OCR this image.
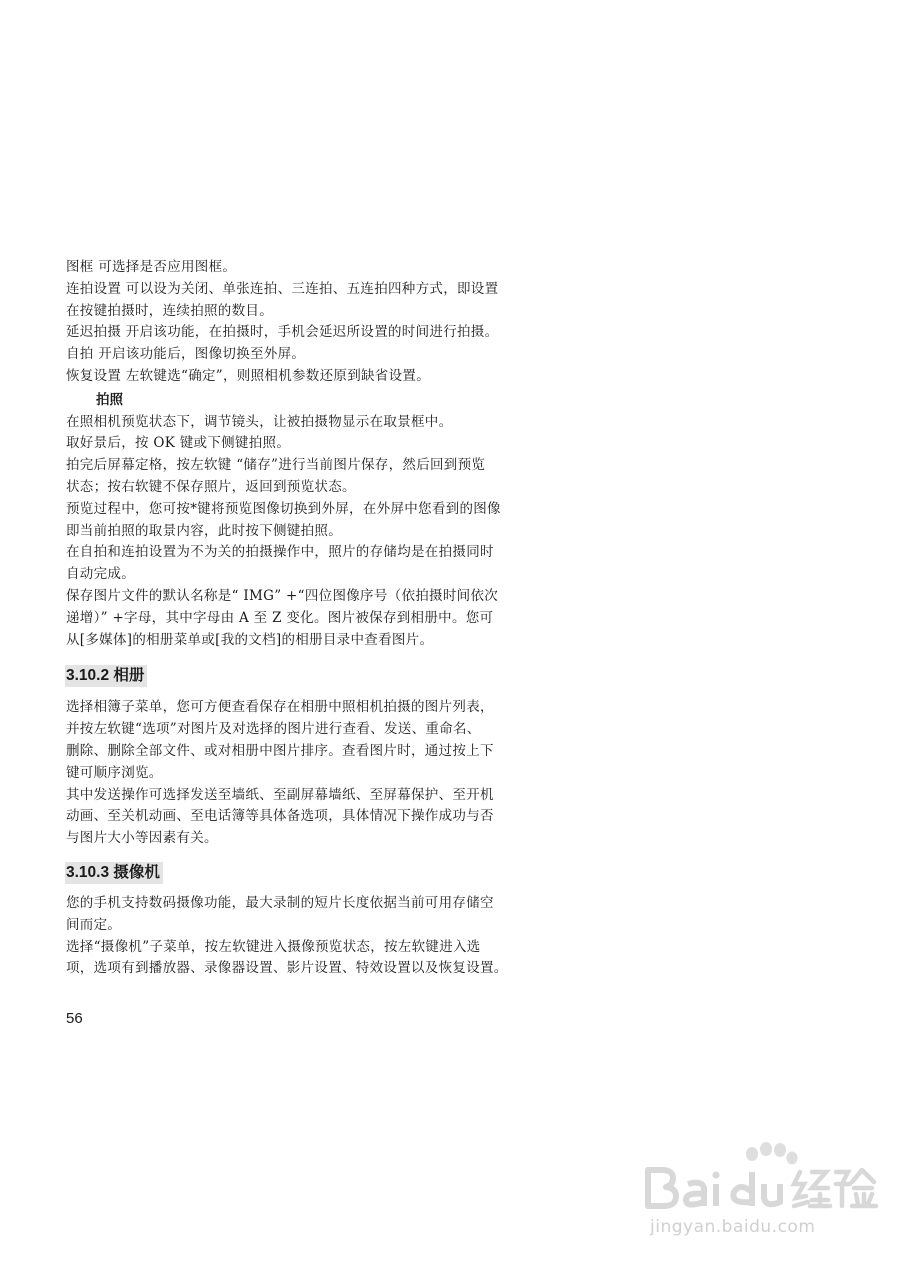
图框 可选择是否应用图框。
连拍设置 可以设为关闭、单张连拍、三连拍、五连拍四种方式，即设置
在按键拍摄时，连续拍照的数目。
延迟拍摄 开启该功能，在拍摄时，手机会延迟所设置的时间进行拍摄。
自拍 开启该功能后，图像切换至外屏。
恢复设置 左软键选“确定”，则照相机参数还原到缺省设置。
拍照
在照相机预览状态下，调节镜头，让被拍摄物显示在取景框中。
取好景后，按 OK 键或下侧键拍照。
拍完后屏幕定格，按左软键 “储存”进行当前图片保存，然后回到预览
状态；按右软键不保存照片，返回到预览状态。
预览过程中，您可按*键将预览图像切换到外屏，在外屏中您看到的图像
即当前拍照的取景内容，此时按下侧键拍照。
在自拍和连拍设置为不为关的拍摄操作中，照片的存储均是在拍摄同时
自动完成。
保存图片文件的默认名称是“ IMG” +“四位图像序号（依拍摄时间依次
递增）” +字母，其中字母由 A 至 Z 变化。图片被保存到相册中。您可
从[多媒体]的相册菜单或[我的文档]的相册目录中查看图片。
3.10.2 相册
选择相簿子菜单，您可方便查看保存在相册中照相机拍摄的图片列表，
并按左软键“选项”对图片及对选择的图片进行查看、发送、重命名、
删除、删除全部文件、或对相册中图片排序。查看图片时，通过按上下
键可顺序浏览。
其中发送操作可选择发送至墙纸、至副屏幕墙纸、至屏幕保护、至开机
动画、至关机动画、至电话簿等具体备选项，具体情况下操作成功与否
与图片大小等因素有关。
3.10.3 摄像机
您的手机支持数码摄像功能，最大录制的短片长度依据当前可用存储空
间而定。
选择“摄像机”子菜单，按左软键进入摄像预览状态，按左软键进入选
项，选项有到播放器、录像器设置、影片设置、特效设置以及恢复设置。
56
jingyan.baidu.com
